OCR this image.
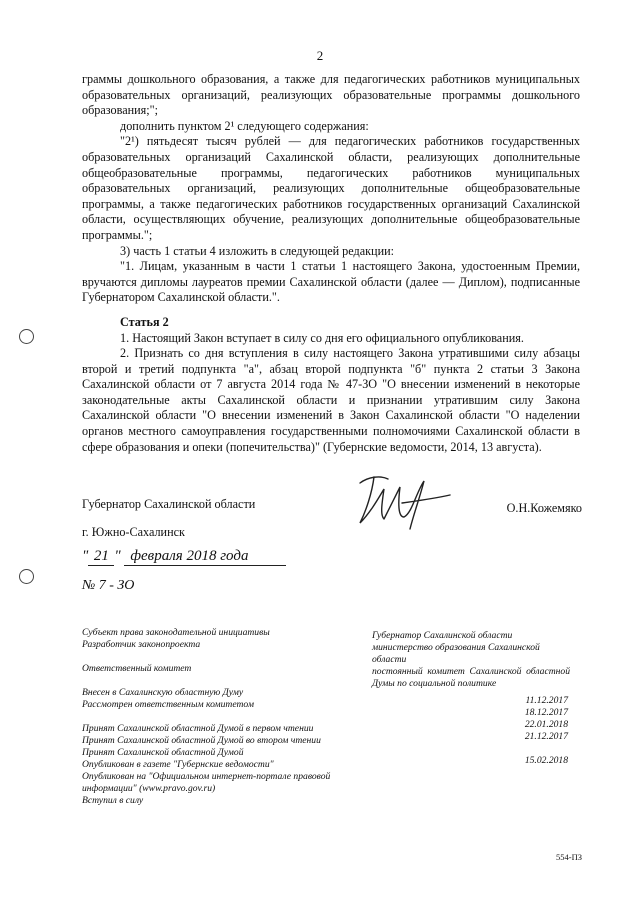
2

граммы дошкольного образования, а также для педагогических работников муниципальных образовательных организаций, реализующих образовательные программы дошкольного образования;";

дополнить пунктом 2¹ следующего содержания:

"2¹) пятьдесят тысяч рублей — для педагогических работников государственных образовательных организаций Сахалинской области, реализующих дополнительные общеобразовательные программы, педагогических работников муниципальных образовательных организаций, реализующих дополнительные общеобразовательные программы, а также педагогических работников государственных организаций Сахалинской области, осуществляющих обучение, реализующих дополнительные общеобразовательные программы.";

3) часть 1 статьи 4 изложить в следующей редакции:

"1. Лицам, указанным в части 1 статьи 1 настоящего Закона, удостоенным Премии, вручаются дипломы лауреатов премии Сахалинской области (далее — Диплом), подписанные Губернатором Сахалинской области.".

Статья 2

1. Настоящий Закон вступает в силу со дня его официального опубликования.

2. Признать со дня вступления в силу настоящего Закона утратившими силу абзацы второй и третий подпункта "а", абзац второй подпункта "б" пункта 2 статьи 3 Закона Сахалинской области от 7 августа 2014 года № 47-ЗО "О внесении изменений в некоторые законодательные акты Сахалинской области и признании утратившим силу Закона Сахалинской области "О внесении изменений в Закон Сахалинской области "О наделении органов местного самоуправления государственными полномочиями Сахалинской области в сфере образования и опеки (попечительства)" (Губернские ведомости, 2014, 13 августа).

Губернатор Сахалинской области	О.Н.Кожемяко
г. Южно-Сахалинск
" 21 " февраля 2018 года
№ 7 - ЗО

Субъект права законодательной инициативы

Разработчик законопроекта

Ответственный комитет

Внесен в Сахалинскую областную Думу

Рассмотрен ответственным комитетом

Принят Сахалинской областной Думой в первом чтении

Принят Сахалинской областной Думой во втором чтении

Принят Сахалинской областной Думой

Опубликован в газете "Губернские ведомости"

Опубликован на "Официальном интернет-портале правовой информации" (www.pravo.gov.ru)

Вступил в силу

Губернатор Сахалинской области

министерство образования Сахалинской области

постоянный комитет Сахалинской областной Думы по социальной политике

11.12.2017

18.12.2017

22.01.2018

21.12.2017

15.02.2018

554-ПЗ
